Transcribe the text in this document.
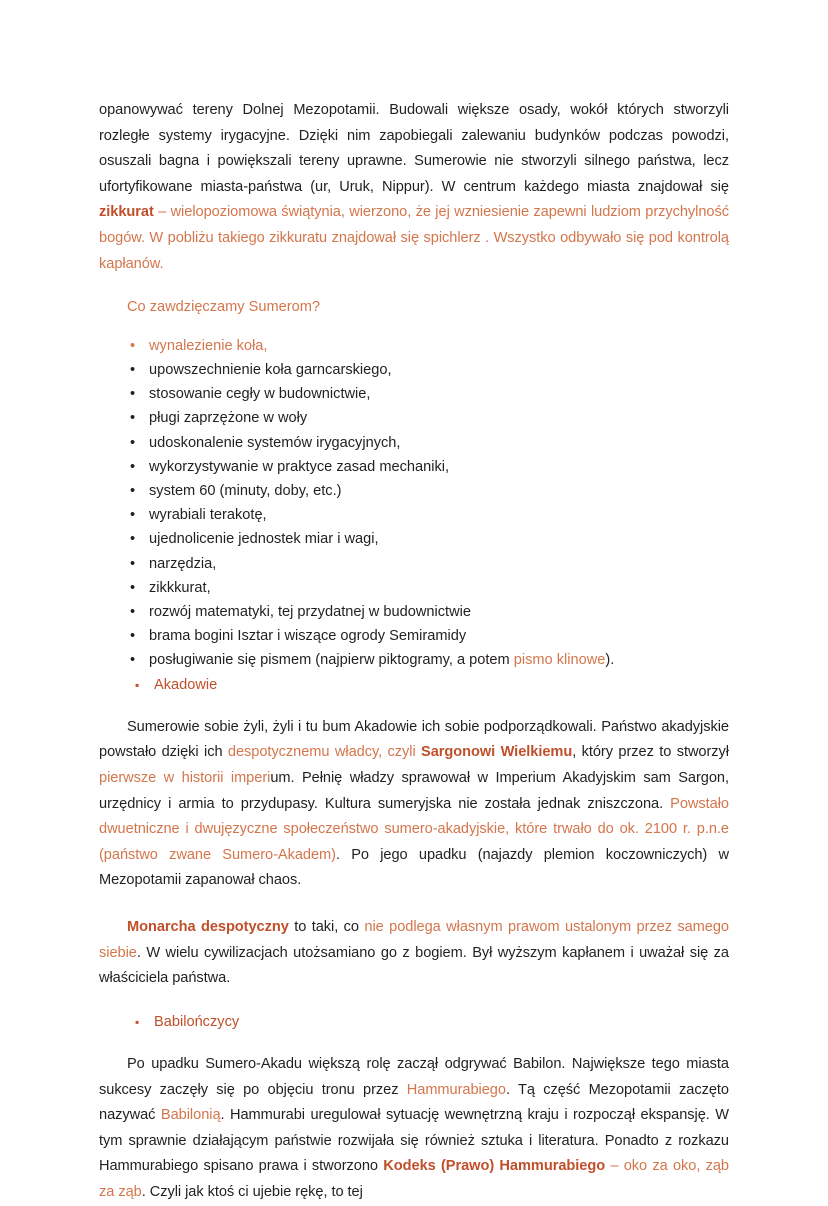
opanowywać tereny Dolnej Mezopotamii. Budowali większe osady, wokół których stworzyli rozległe systemy irygacyjne. Dzięki nim zapobiegali zalewaniu budynków podczas powodzi, osuszali bagna i powiększali tereny uprawne. Sumerowie nie stworzyli silnego państwa, lecz ufortyfikowane miasta-państwa (ur, Uruk, Nippur). W centrum każdego miasta znajdował się zikkurat – wielopoziomowa świątynia, wierzono, że jej wzniesienie zapewni ludziom przychylność bogów. W pobliżu takiego zikkuratu znajdował się spichlerz . Wszystko odbywało się pod kontrolą kapłanów.

Co zawdzięczamy Sumerom?

•
wynalezienie koła,
•
upowszechnienie koła garncarskiego,
•
stosowanie cegły w budownictwie,
•
pługi zaprzężone w woły
•
udoskonalenie systemów irygacyjnych,
•
wykorzystywanie w praktyce zasad mechaniki,
•
system 60 (minuty, doby, etc.)
•
wyrabiali terakotę,
•
ujednolicenie jednostek miar i wagi,
•
narzędzia,
•
zikkkurat,
•
rozwój matematyki, tej przydatnej w budownictwie
•
brama bogini Isztar i wiszące ogrody Semiramidy
•
posługiwanie się pismem (najpierw piktogramy, a potem pismo klinowe).
▪
Akadowie

Sumerowie sobie żyli, żyli i tu bum Akadowie ich sobie podporządkowali. Państwo akadyjskie powstało dzięki ich despotycznemu władcy, czyli Sargonowi Wielkiemu, który przez to stworzył pierwsze w historii imperium. Pełnię władzy sprawował w Imperium Akadyjskim sam Sargon, urzędnicy i armia to przydupasy. Kultura sumeryjska nie została jednak zniszczona. Powstało dwuetniczne i dwujęzyczne społeczeństwo sumero-akadyjskie, które trwało do ok. 2100 r. p.n.e (państwo zwane Sumero-Akadem). Po jego upadku (najazdy plemion koczowniczych) w Mezopotamii zapanował chaos.

Monarcha despotyczny to taki, co nie podlega własnym prawom ustalonym przez samego siebie. W wielu cywilizacjach utożsamiano go z bogiem. Był wyższym kapłanem i uważał się za właściciela państwa.

▪
Babilończycy

Po upadku Sumero-Akadu większą rolę zaczął odgrywać Babilon. Największe tego miasta sukcesy zaczęły się po objęciu tronu przez Hammurabiego. Tą część Mezopotamii zaczęto nazywać Babilonią. Hammurabi uregulował sytuację wewnętrzną kraju i rozpoczął ekspansję. W tym sprawnie działającym państwie rozwijała się również sztuka i literatura. Ponadto z rozkazu Hammurabiego spisano prawa i stworzono Kodeks (Prawo) Hammurabiego – oko za oko, ząb za ząb. Czyli jak ktoś ci ujebie rękę, to tej
